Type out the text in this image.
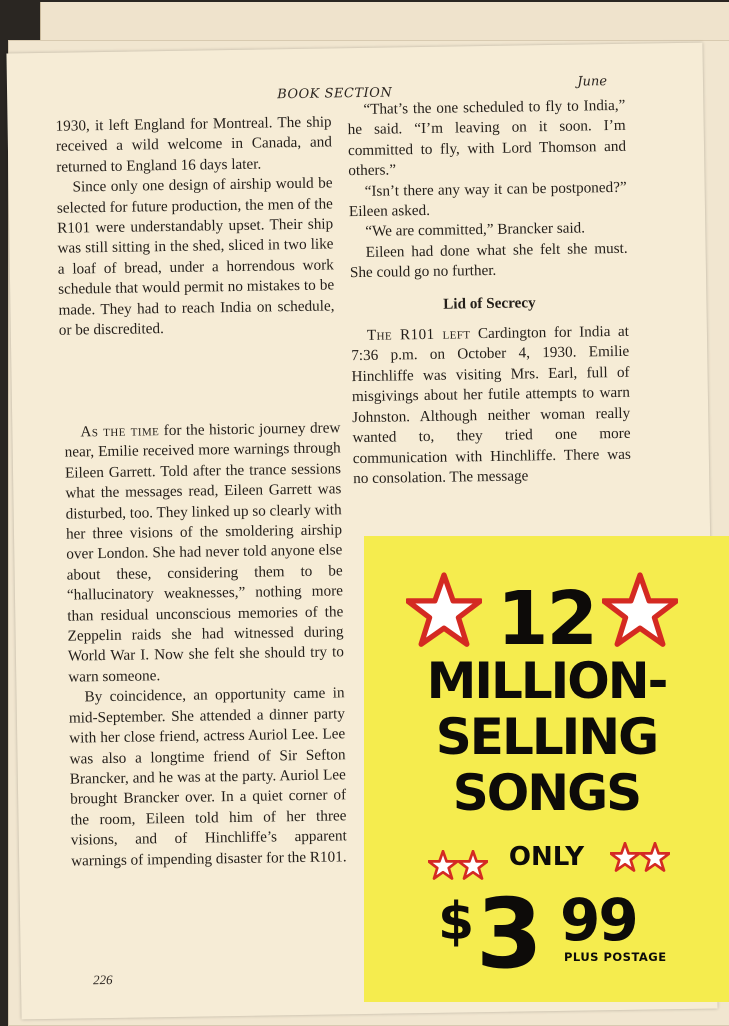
BOOK SECTION
June

1930, it left England for Montreal. The ship received a wild welcome in Canada, and returned to England 16 days later.

Since only one design of airship would be selected for future production, the men of the R101 were understandably upset. Their ship was still sitting in the shed, sliced in two like a loaf of bread, under a horrendous work schedule that would permit no mistakes to be made. They had to reach India on schedule, or be discredited.

As the time for the historic journey drew near, Emilie received more warnings through Eileen Garrett. Told after the trance sessions what the messages read, Eileen Garrett was disturbed, too. They linked up so clearly with her three visions of the smoldering airship over London. She had never told anyone else about these, considering them to be “hallucinatory weaknesses,” nothing more than residual unconscious memories of the Zeppelin raids she had witnessed during World War I. Now she felt she should try to warn someone.

By coincidence, an opportunity came in mid-September. She attended a dinner party with her close friend, actress Auriol Lee. Lee was also a longtime friend of Sir Sefton Brancker, and he was at the party. Auriol Lee brought Brancker over. In a quiet corner of the room, Eileen told him of her three visions, and of Hinchliffe’s apparent warnings of impending disaster for the R101.

“That’s the one scheduled to fly to India,” he said. “I’m leaving on it soon. I’m committed to fly, with Lord Thomson and others.”

“Isn’t there any way it can be postponed?” Eileen asked.

“We are committed,” Brancker said.

Eileen had done what she felt she must. She could go no further.

Lid of Secrecy

The R101 left Cardington for India at 7:36 p.m. on October 4, 1930. Emilie Hinchliffe was visiting Mrs. Earl, full of misgivings about her futile attempts to warn Johnston. Although neither woman really wanted to, they tried one more communication with Hinchliffe. There was no consolation. The message

226
12
MILLION-
SELLING
SONGS
ONLY
$ 3 99
PLUS POSTAGE
